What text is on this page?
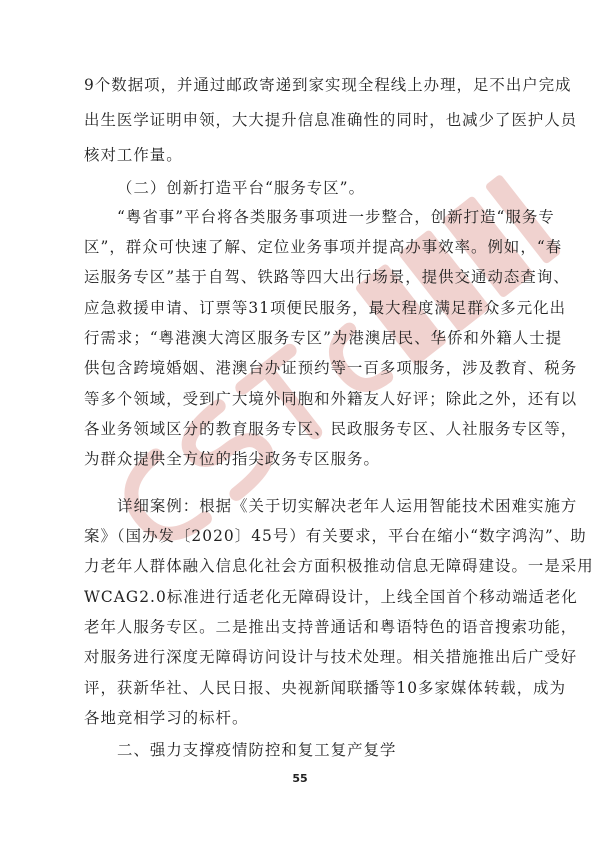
9个数据项，并通过邮政寄递到家实现全程线上办理，足不出户完成
出生医学证明申领，大大提升信息准确性的同时，也减少了医护人员
核对工作量。
（二）创新打造平台“服务专区”。
“粤省事”平台将各类服务事项进一步整合，创新打造“服务专
区”，群众可快速了解、定位业务事项并提高办事效率。例如，“春
运服务专区”基于自驾、铁路等四大出行场景，提供交通动态查询、
应急救援申请、订票等31项便民服务，最大程度满足群众多元化出
行需求；“粤港澳大湾区服务专区”为港澳居民、华侨和外籍人士提
供包含跨境婚姻、港澳台办证预约等一百多项服务，涉及教育、税务
等多个领域，受到广大境外同胞和外籍友人好评；除此之外，还有以
各业务领域区分的教育服务专区、民政服务专区、人社服务专区等，
为群众提供全方位的指尖政务专区服务。
详细案例：根据《关于切实解决老年人运用智能技术困难实施方
案》（国办发〔2020〕45号）有关要求，平台在缩小“数字鸿沟”、助
力老年人群体融入信息化社会方面积极推动信息无障碍建设。一是采用
WCAG2.0标准进行适老化无障碍设计，上线全国首个移动端适老化
老年人服务专区。二是推出支持普通话和粤语特色的语音搜索功能，
对服务进行深度无障碍访问设计与技术处理。相关措施推出后广受好
评，获新华社、人民日报、央视新闻联播等10多家媒体转载，成为
各地竞相学习的标杆。
二、强力支撑疫情防控和复工复产复学
55
